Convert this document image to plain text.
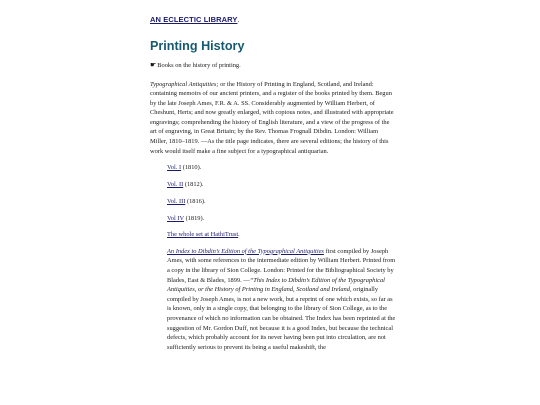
AN ECLECTIC LIBRARY.
Printing History

☛Books on the history of printing.

Typographical Antiquities; or the History of Printing in England, Scotland, and Ireland: containing memoirs of our ancient printers, and a register of the books printed by them. Begun by the late Joseph Ames, F.R. & A. SS. Considerably augmented by William Herbert, of Cheshunt, Herts; and now greatly enlarged, with copious notes, and illustrated with appropriate engravings; comprehending the history of English literature, and a view of the progress of the art of engraving, in Great Britain; by the Rev. Thomas Frognall Dibdin. London: William Miller, 1810–1819. —As the title page indicates, there are several editions; the history of this work would itself make a fine subject for a typographical antiquarian.

Vol. I (1810).
Vol. II (1812).
Vol. III (1816).
Vol IV (1819).
The whole set at HathiTrust.
An Index to Dibdin’s Edition of the Typographical Antiquities first compiled by Joseph Ames, with some references to the intermediate edition by William Herbert. Printed from a copy in the library of Sion College. London: Printed for the Bibliographical Society by Blades, East & Blades, 1899. —“This Index to Dibdin’s Edition of the Typographical Antiquities, or the History of Printing in England, Scotland and Ireland, originally compiled by Joseph Ames, is not a new work, but a reprint of one which exists, so far as is known, only in a single copy, that belonging to the library of Sion College, as to the provenance of which no information can be obtained. The Index has been reprinted at the suggestion of Mr. Gordon Duff, not because it is a good Index, but because the technical defects, which probably account for its never having been put into circulation, are not sufficiently serious to prevent its being a useful makeshift, the
